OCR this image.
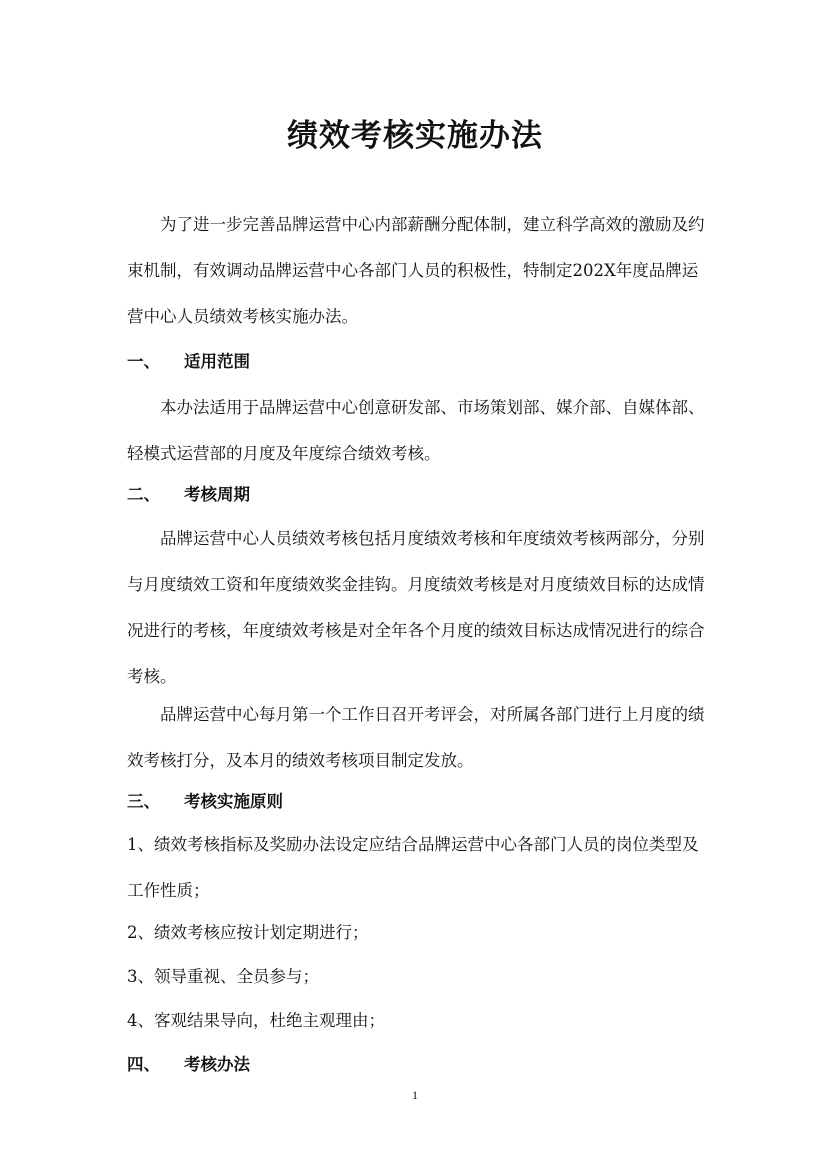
绩效考核实施办法

为了进一步完善品牌运营中心内部薪酬分配体制，建立科学高效的激励及约束机制，有效调动品牌运营中心各部门人员的积极性，特制定202X年度品牌运营中心人员绩效考核实施办法。

一、 适用范围

本办法适用于品牌运营中心创意研发部、市场策划部、媒介部、自媒体部、轻模式运营部的月度及年度综合绩效考核。

二、 考核周期

品牌运营中心人员绩效考核包括月度绩效考核和年度绩效考核两部分，分别与月度绩效工资和年度绩效奖金挂钩。月度绩效考核是对月度绩效目标的达成情况进行的考核，年度绩效考核是对全年各个月度的绩效目标达成情况进行的综合考核。

品牌运营中心每月第一个工作日召开考评会，对所属各部门进行上月度的绩效考核打分，及本月的绩效考核项目制定发放。

三、 考核实施原则

1、绩效考核指标及奖励办法设定应结合品牌运营中心各部门人员的岗位类型及工作性质；

2、绩效考核应按计划定期进行；

3、领导重视、全员参与；

4、客观结果导向，杜绝主观理由；

四、 考核办法
1
